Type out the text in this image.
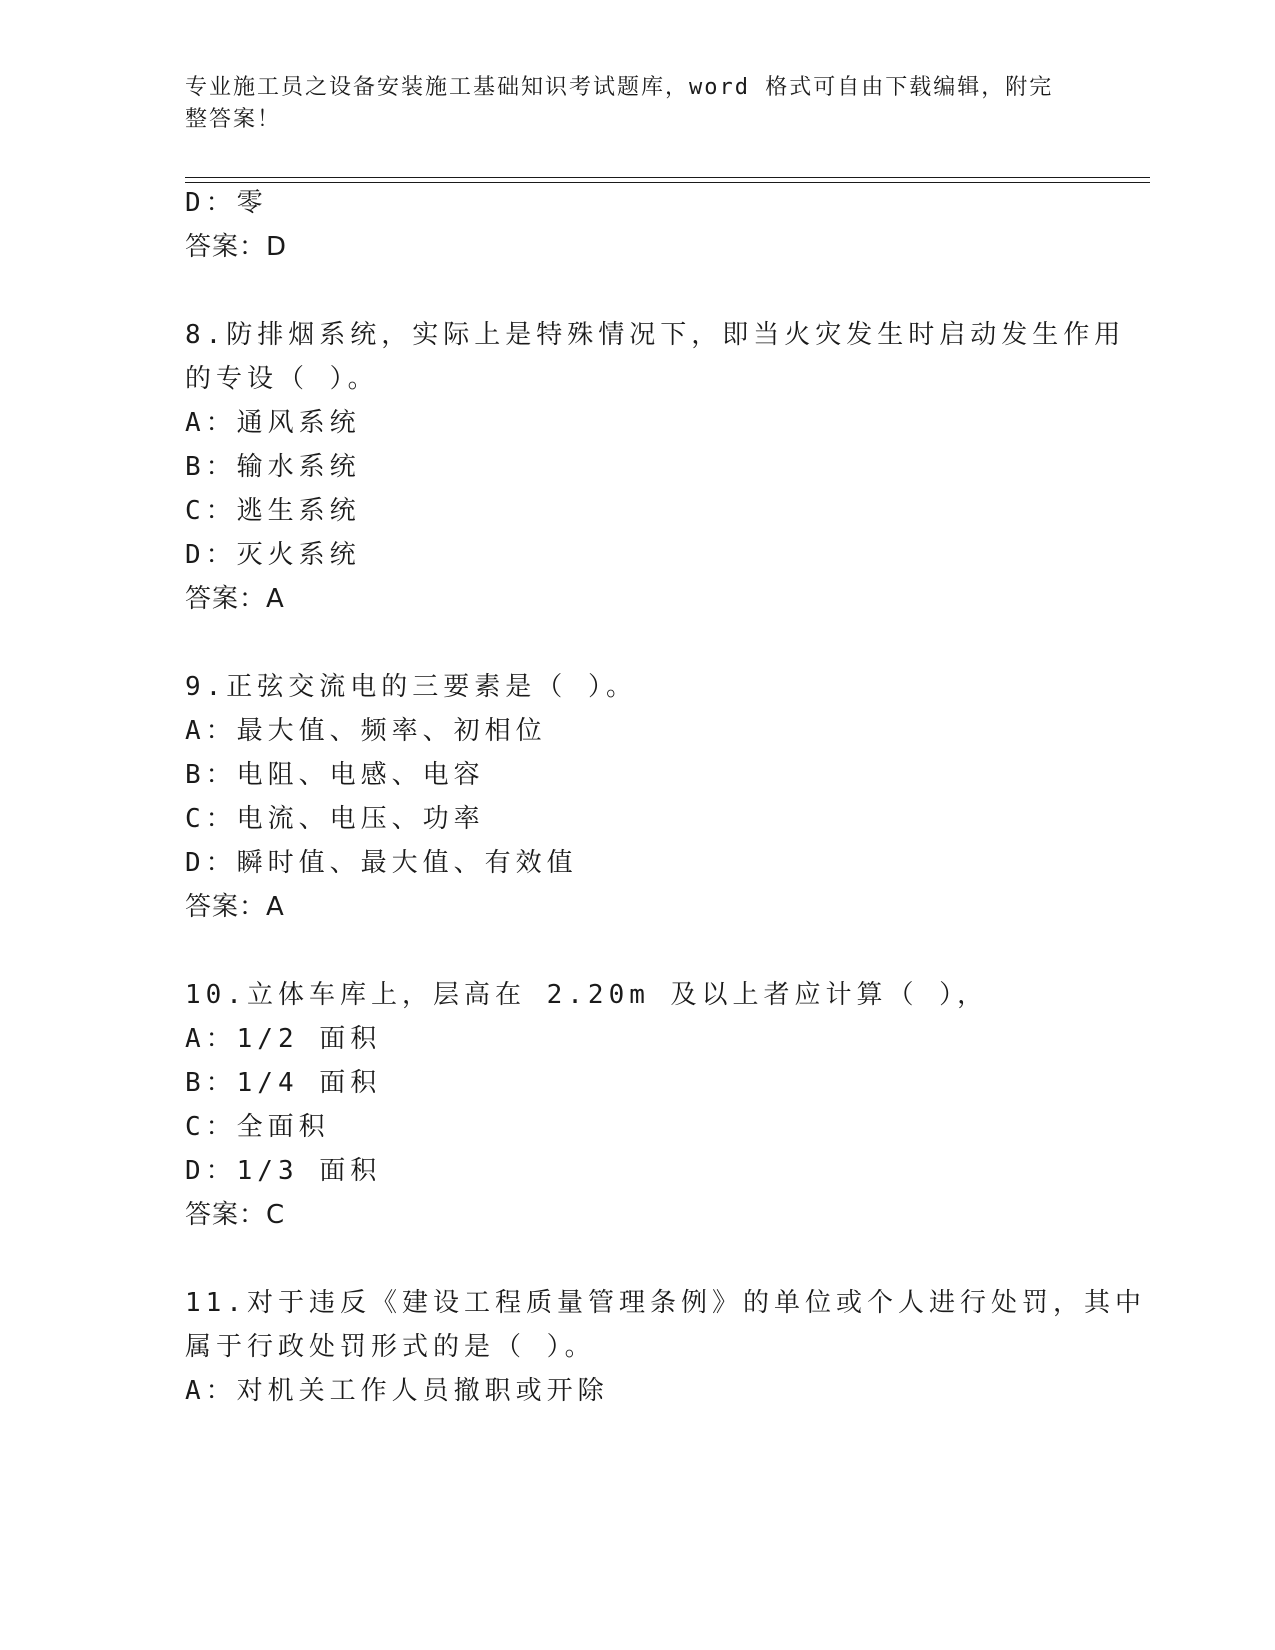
专业施工员之设备安装施工基础知识考试题库，word 格式可自由下载编辑，附完
整答案！
D：零
答案：D
8.防排烟系统，实际上是特殊情况下，即当火灾发生时启动发生作用
的专设（ ）。
A：通风系统
B：输水系统
C：逃生系统
D：灭火系统
答案：A
9.正弦交流电的三要素是（ ）。
A：最大值、频率、初相位
B：电阻、电感、电容
C：电流、电压、功率
D：瞬时值、最大值、有效值
答案：A
10.立体车库上，层高在 2.20m 及以上者应计算（ ），
A：1/2 面积
B：1/4 面积
C：全面积
D：1/3 面积
答案：C
11.对于违反《建设工程质量管理条例》的单位或个人进行处罚，其中
属于行政处罚形式的是（ ）。
A：对机关工作人员撤职或开除
